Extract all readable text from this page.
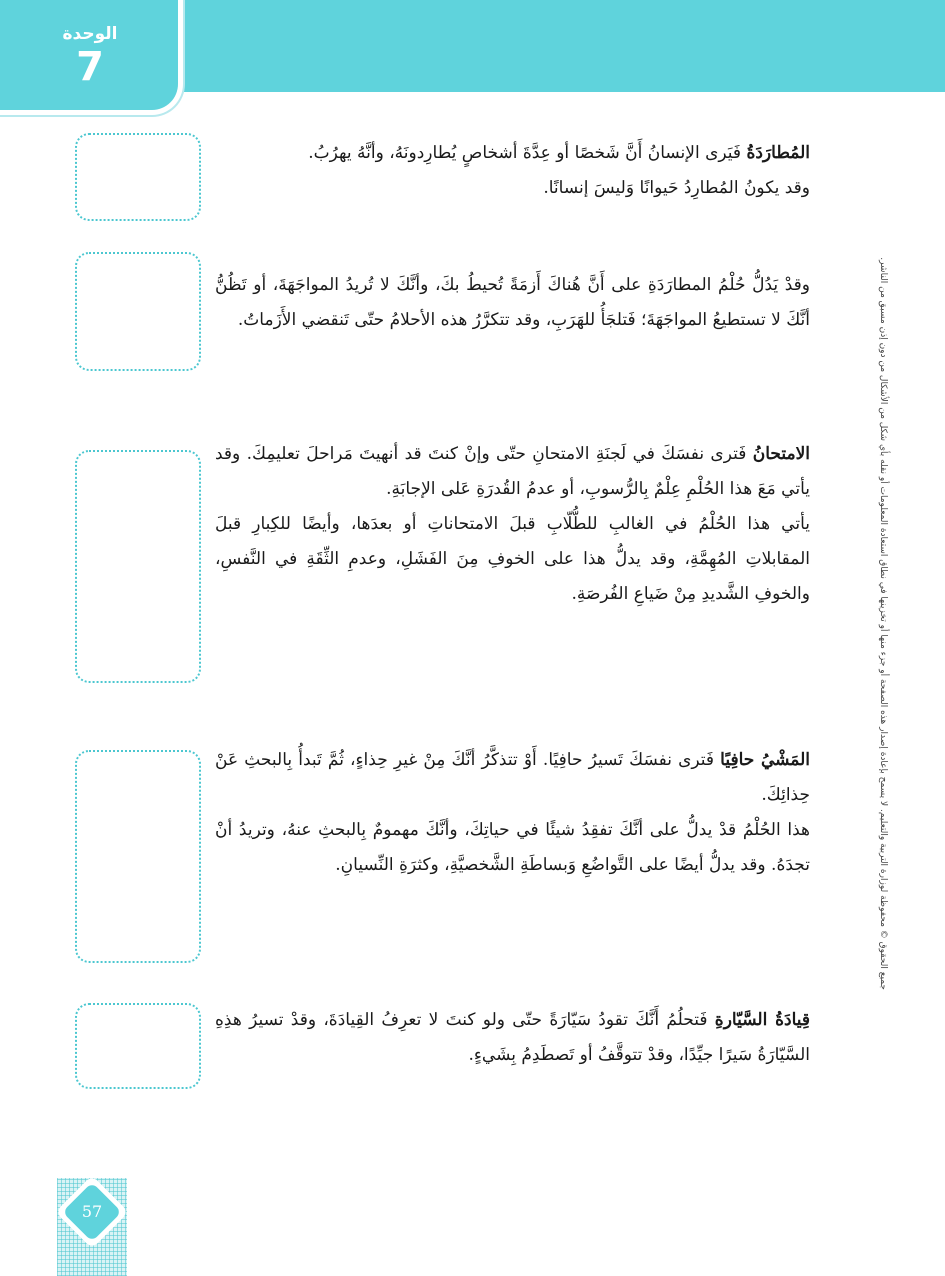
الوحدة
7
جميع الحقوق © محفوظة لوزارة التربية والتعليم. لا يسمح بإعادة إصدار هذه الصفحة أو جزء منها أو تخزينها في نطاق استعادة المعلومات أو نقله بأي شكل من الأشكال من دون إذن مسبق من الناشر.
المُطارَدَةُ فَيَرى الإنسانُ أَنَّ شَخصًا أو عِدَّةَ أشخاصٍ يُطارِدونَهُ، وأنَّهُ يهرُبُ.
وقد يكونُ المُطارِدُ حَيوانًا وَليسَ إنسانًا.
وقدْ يَدُلُّ حُلْمُ المطارَدَةِ على أَنَّ هُناكَ أَزمَةً تُحيطُ بكَ، وأنَّكَ لا تُريدُ المواجَهَةَ، أو تَظُنُّ أنَّكَ لا تستطيعُ المواجَهَةَ؛ فَتلجَأُ للهَرَبِ، وقد تتكرَّرُ هذه الأحلامُ حتّى تَنقضي الأَزَماتُ.
الامتحانُ فَترى نفسَكَ في لَجنَةِ الامتحانِ حتّى وإنْ كنتَ قد أنهيتَ مَراحلَ تعليمِكَ. وقد يأتي مَعَ هذا الحُلْمِ عِلْمٌ بِالرُّسوبِ، أو عدمُ القُدرَةِ عَلى الإجابَةِ.
يأتي هذا الحُلْمُ في الغالبِ للطُّلّابِ قبلَ الامتحاناتِ أو بعدَها، وأيضًا للكِبارِ قبلَ المقابلاتِ المُهِمَّةِ، وقد يدلُّ هذا على الخوفِ مِنَ الفَشَلِ، وعدمِ الثِّقَةِ في النَّفسِ، والخوفِ الشَّديدِ مِنْ ضَياعِ الفُرصَةِ.
المَشْيُ حافِيًا فَترى نفسَكَ تَسيرُ حافِيًا. أَوْ تتذكَّرُ أنَّكَ مِنْ غيرِ حِذاءٍ، ثُمَّ تَبدأُ بِالبحثِ عَنْ حِذائِكَ.
هذا الحُلْمُ قدْ يدلُّ على أنَّكَ تفقِدُ شيئًا في حياتِكَ، وأنَّكَ مهمومٌ بِالبحثِ عنهُ، وتريدُ أنْ تجدَهُ. وقد يدلُّ أيضًا على التَّواضُعِ وَبساطَةِ الشَّخصيَّةِ، وكثرَةِ النِّسيانِ.
قِيادَةُ السَّيّارةِ فَتحلُمُ أَنَّكَ تقودُ سَيّارَةً حتّى ولو كنتَ لا تعرِفُ القِيادَةَ، وقدْ تسيرُ هذِهِ السَّيّارَةُ سَيرًا جيِّدًا، وقدْ تتوقَّفُ أو تَصطَدِمُ بِشَيءٍ.
57
